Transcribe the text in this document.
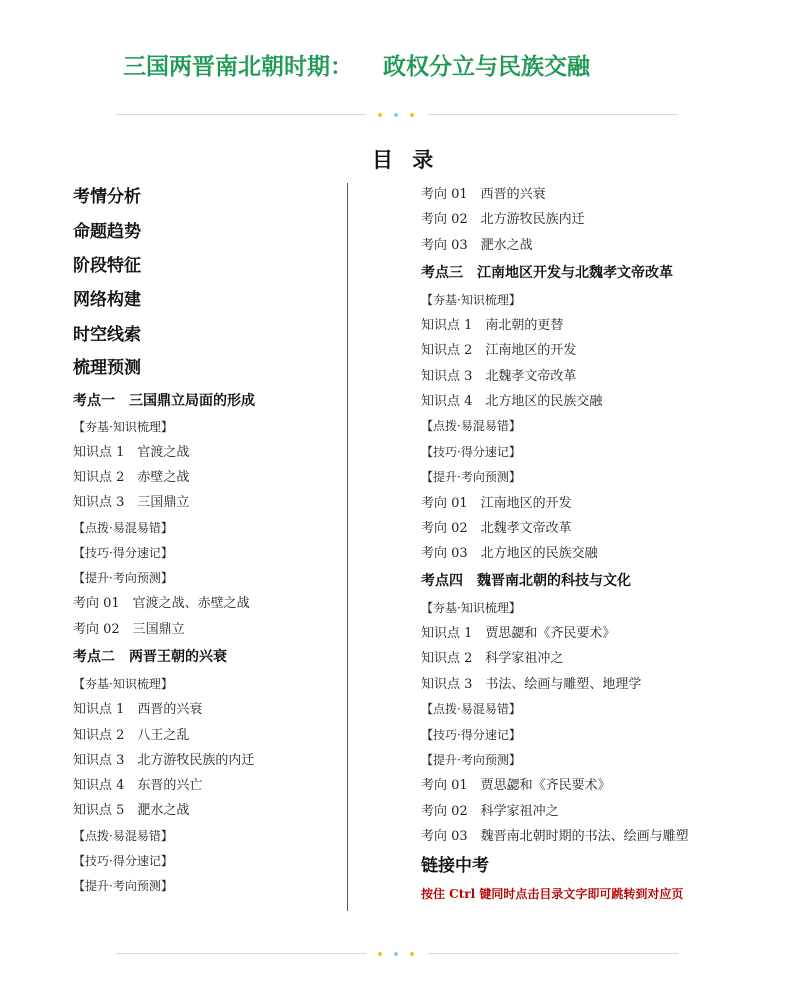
三国两晋南北朝时期： 政权分立与民族交融
目 录
考情分析
命题趋势
阶段特征
网络构建
时空线索
梳理预测
考点一　三国鼎立局面的形成
【夯基·知识梳理】
知识点 1　官渡之战
知识点 2　赤壁之战
知识点 3　三国鼎立
【点拨·易混易错】
【技巧·得分速记】
【提升·考向预测】
考向 01　官渡之战、赤壁之战
考向 02　三国鼎立
考点二　两晋王朝的兴衰
【夯基·知识梳理】
知识点 1　西晋的兴衰
知识点 2　八王之乱
知识点 3　北方游牧民族的内迁
知识点 4　东晋的兴亡
知识点 5　淝水之战
【点拨·易混易错】
【技巧·得分速记】
【提升·考向预测】
考向 01　西晋的兴衰
考向 02　北方游牧民族内迁
考向 03　淝水之战
考点三　江南地区开发与北魏孝文帝改革
【夯基·知识梳理】
知识点 1　南北朝的更替
知识点 2　江南地区的开发
知识点 3　北魏孝文帝改革
知识点 4　北方地区的民族交融
【点拨·易混易错】
【技巧·得分速记】
【提升·考向预测】
考向 01　江南地区的开发
考向 02　北魏孝文帝改革
考向 03　北方地区的民族交融
考点四　魏晋南北朝的科技与文化
【夯基·知识梳理】
知识点 1　贾思勰和《齐民要术》
知识点 2　科学家祖冲之
知识点 3　书法、绘画与雕塑、地理学
【点拨·易混易错】
【技巧·得分速记】
【提升·考向预测】
考向 01　贾思勰和《齐民要术》
考向 02　科学家祖冲之
考向 03　魏晋南北朝时期的书法、绘画与雕塑
链接中考
按住 Ctrl 键同时点击目录文字即可跳转到对应页
